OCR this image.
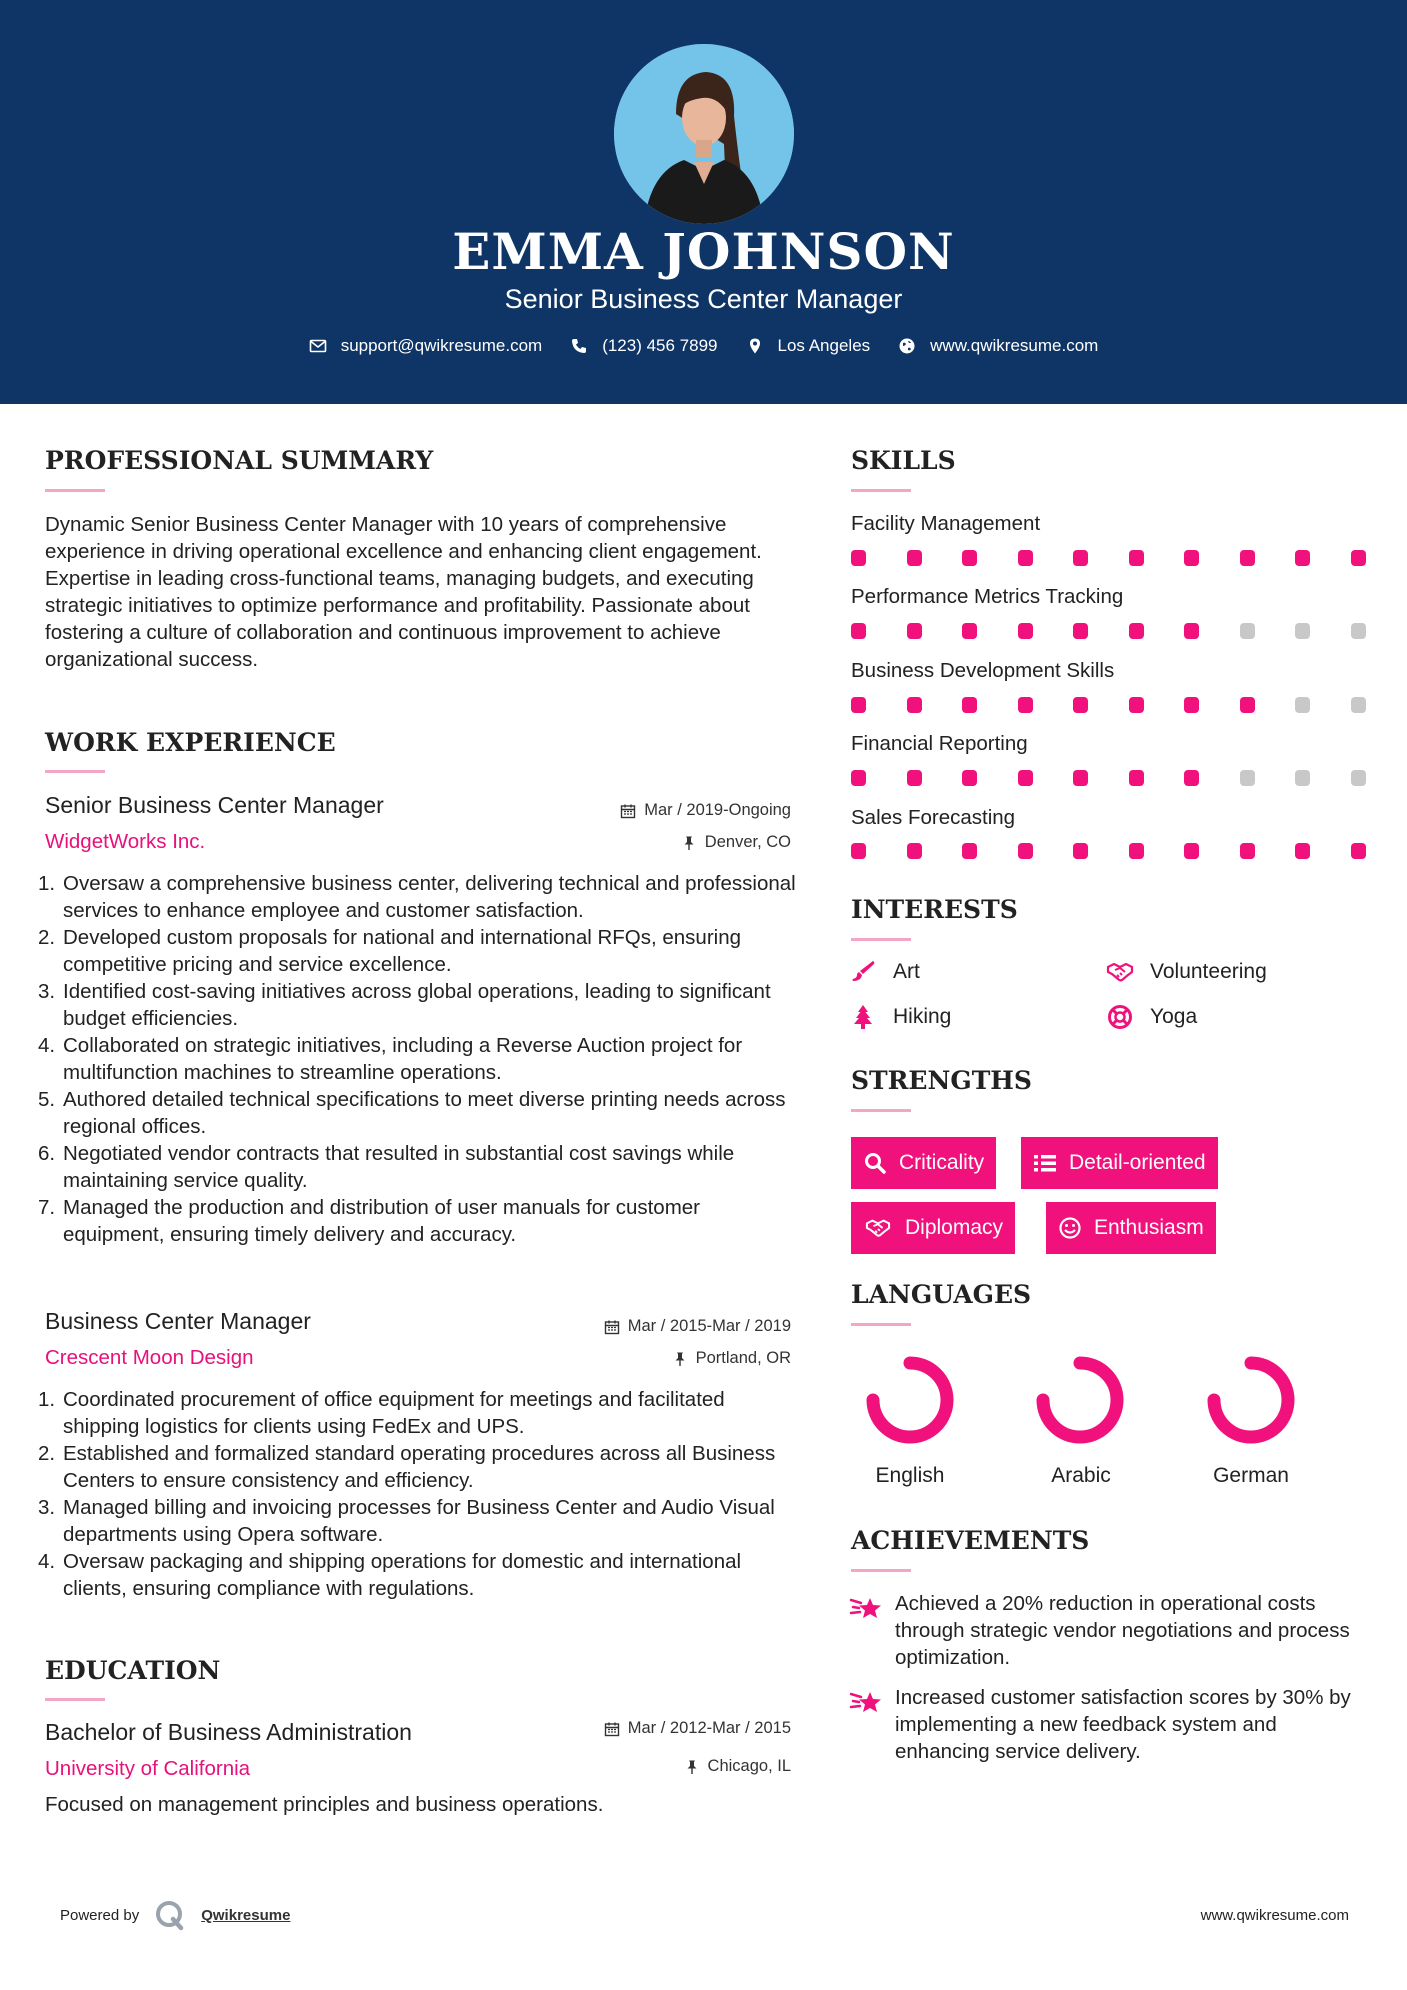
EMMA JOHNSON
Senior Business Center Manager
support@qwikresume.com	(123) 456 7899	Los Angeles	www.qwikresume.com
PROFESSIONAL SUMMARY
Dynamic Senior Business Center Manager with 10 years of comprehensive experience in driving operational excellence and enhancing client engagement. Expertise in leading cross-functional teams, managing budgets, and executing strategic initiatives to optimize performance and profitability. Passionate about fostering a culture of collaboration and continuous improvement to achieve organizational success.
WORK EXPERIENCE
Senior Business Center Manager
WidgetWorks Inc.
Mar / 2019-Ongoing
Denver, CO
1. Oversaw a comprehensive business center, delivering technical and professional services to enhance employee and customer satisfaction.
2. Developed custom proposals for national and international RFQs, ensuring competitive pricing and service excellence.
3. Identified cost-saving initiatives across global operations, leading to significant budget efficiencies.
4. Collaborated on strategic initiatives, including a Reverse Auction project for multifunction machines to streamline operations.
5. Authored detailed technical specifications to meet diverse printing needs across regional offices.
6. Negotiated vendor contracts that resulted in substantial cost savings while maintaining service quality.
7. Managed the production and distribution of user manuals for customer equipment, ensuring timely delivery and accuracy.
Business Center Manager
Crescent Moon Design
Mar / 2015-Mar / 2019
Portland, OR
1. Coordinated procurement of office equipment for meetings and facilitated shipping logistics for clients using FedEx and UPS.
2. Established and formalized standard operating procedures across all Business Centers to ensure consistency and efficiency.
3. Managed billing and invoicing processes for Business Center and Audio Visual departments using Opera software.
4. Oversaw packaging and shipping operations for domestic and international clients, ensuring compliance with regulations.
EDUCATION
Bachelor of Business Administration
University of California
Mar / 2012-Mar / 2015
Chicago, IL
Focused on management principles and business operations.
SKILLS
Facility Management
Performance Metrics Tracking
Business Development Skills
Financial Reporting
Sales Forecasting
INTERESTS
Art	Volunteering
Hiking	Yoga
STRENGTHS
Criticality	Detail-oriented
Diplomacy	Enthusiasm
LANGUAGES
English	Arabic	German
ACHIEVEMENTS
Achieved a 20% reduction in operational costs through strategic vendor negotiations and process optimization.
Increased customer satisfaction scores by 30% by implementing a new feedback system and enhancing service delivery.
Powered by	Qwikresume	www.qwikresume.com
